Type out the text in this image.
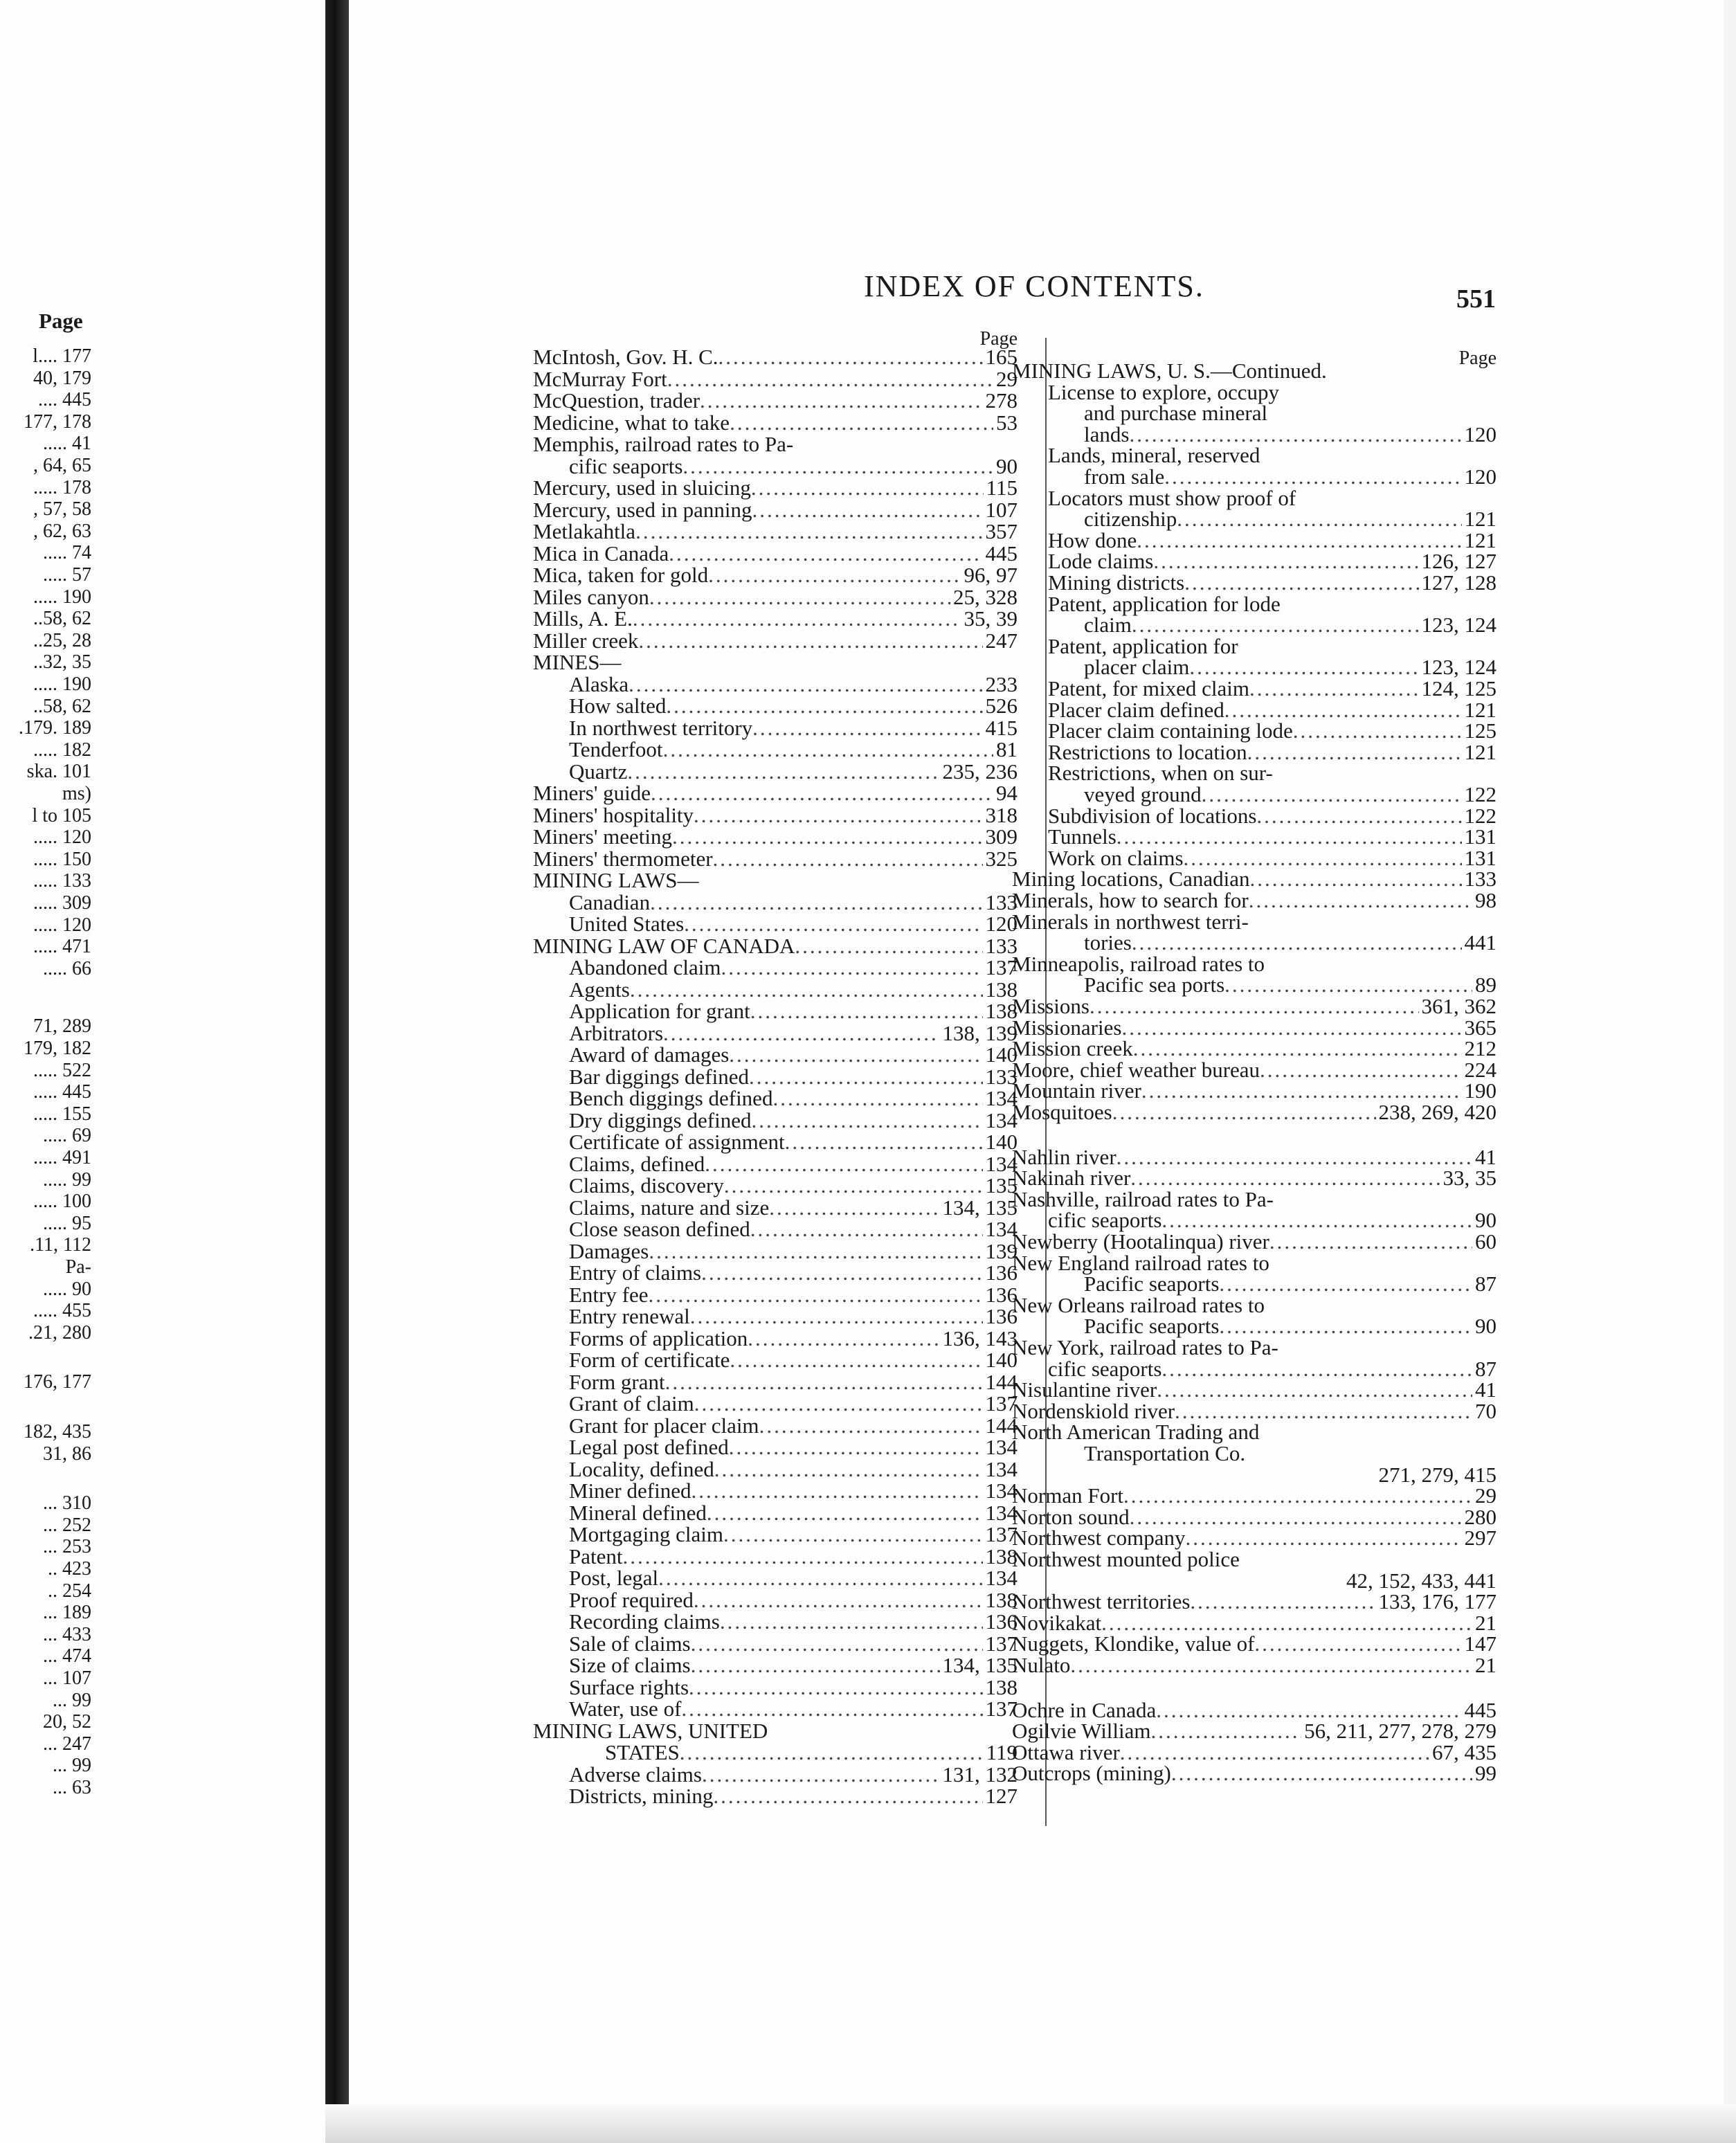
Page
l.... 177
40, 179
.... 445
177, 178
..... 41
, 64, 65
..... 178
, 57, 58
, 62, 63
..... 74
..... 57
..... 190
..58, 62
..25, 28
..32, 35
..... 190
..58, 62
.179. 189
..... 182
ska. 101
ms)
l to 105
..... 120
..... 150
..... 133
..... 309
..... 120
..... 471
..... 66
71, 289
179, 182
..... 522
..... 445
..... 155
..... 69
..... 491
..... 99
..... 100
..... 95
.11, 112
Pa-
..... 90
..... 455
.21, 280
176, 177
182, 435
31, 86
... 310
... 252
... 253
.. 423
.. 254
... 189
... 433
... 474
... 107
... 99
20, 52
... 247
... 99
... 63
INDEX OF CONTENTS.	551
Page
McIntosh, Gov. H. C. .....	165
McMurray Fort .....	29
McQuestion, trader .....	278
Medicine, what to take .....	53
Memphis, railroad rates to Pa-
cific seaports .....	90
Mercury, used in sluicing .....	115
Mercury, used in panning .....	107
Metlakahtla .....	357
Mica in Canada .....	445
Mica, taken for gold .....	96, 97
Miles canyon .....	25, 328
Mills, A. E. .....	35, 39
Miller creek .....	247
MINES—
Alaska .....	233
How salted .....	526
In northwest territory .....	415
Tenderfoot .....	81
Quartz .....	235, 236
Miners' guide .....	94
Miners' hospitality .....	318
Miners' meeting .....	309
Miners' thermometer .....	325
MINING LAWS—
Canadian .....	133
United States .....	120
MINING LAW OF CANADA .....	133
Abandoned claim .....	137
Agents .....	138
Application for grant .....	138
Arbitrators .....	138, 139
Award of damages .....	140
Bar diggings defined .....	133
Bench diggings defined .....	134
Dry diggings defined .....	134
Certificate of assignment .....	140
Claims, defined .....	134
Claims, discovery .....	135
Claims, nature and size .....	134, 135
Close season defined .....	134
Damages .....	139
Entry of claims .....	136
Entry fee .....	136
Entry renewal .....	136
Forms of application .....	136, 143
Form of certificate .....	140
Form grant .....	144
Grant of claim .....	137
Grant for placer claim .....	144
Legal post defined .....	134
Locality, defined .....	134
Miner defined .....	134
Mineral defined .....	134
Mortgaging claim .....	137
Patent .....	138
Post, legal .....	134
Proof required .....	138
Recording claims .....	136
Sale of claims .....	137
Size of claims .....	134, 135
Surface rights .....	138
Water, use of .....	137
MINING LAWS, UNITED
STATES .....	119
Adverse claims .....	131, 132
Districts, mining .....	127
Page
MINING LAWS, U. S.—Continued.
License to explore, occupy
and purchase mineral
lands .....	120
Lands, mineral, reserved
from sale .....	120
Locators must show proof of
citizenship .....	121
How done .....	121
Lode claims .....	126, 127
Mining districts .....	127, 128
Patent, application for lode
claim .....	123, 124
Patent, application for
placer claim .....	123, 124
Patent, for mixed claim .....	124, 125
Placer claim defined .....	121
Placer claim containing lode .....	125
Restrictions to location .....	121
Restrictions, when on sur-
veyed ground .....	122
Subdivision of locations .....	122
Tunnels .....	131
Work on claims .....	131
Mining locations, Canadian .....	133
Minerals, how to search for .....	98
Minerals in northwest terri-
tories .....	441
Minneapolis, railroad rates to
Pacific sea ports .....	89
Missions .....	361, 362
Missionaries .....	365
Mission creek .....	212
Moore, chief weather bureau .....	224
Mountain river .....	190
Mosquitoes .....	238, 269, 420
Nahlin river .....	41
Nakinah river .....	33, 35
Nashville, railroad rates to Pa-
cific seaports .....	90
Newberry (Hootalinqua) river .....	60
New England railroad rates to
Pacific seaports .....	87
New Orleans railroad rates to
Pacific seaports .....	90
New York, railroad rates to Pa-
cific seaports .....	87
Nisulantine river .....	41
Nordenskiold river .....	70
North American Trading and
Transportation Co.
271, 279, 415
Norman Fort .....	29
Norton sound .....	280
Northwest company .....	297
Northwest mounted police
42, 152, 433, 441
Northwest territories .....	133, 176, 177
Novikakat .....	21
Nuggets, Klondike, value of .....	147
Nulato .....	21
Ochre in Canada .....	445
Ogilvie William .....	56, 211, 277, 278, 279
Ottawa river .....	67, 435
Outcrops (mining) .....	99
